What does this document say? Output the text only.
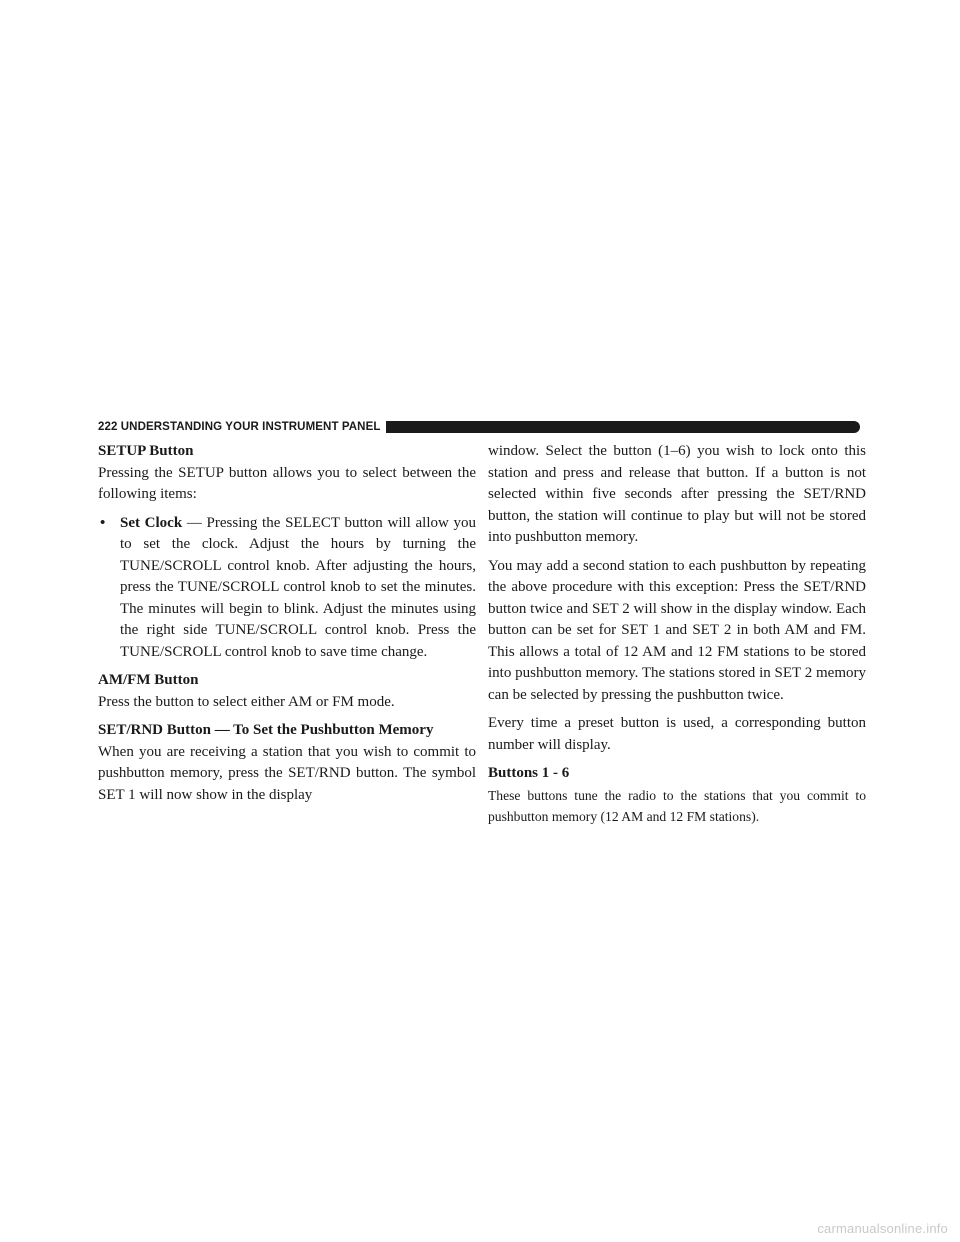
222 UNDERSTANDING YOUR INSTRUMENT PANEL
SETUP Button

Pressing the SETUP button allows you to select between the following items:

• Set Clock — Pressing the SELECT button will allow you to set the clock. Adjust the hours by turning the TUNE/SCROLL control knob. After adjusting the hours, press the TUNE/SCROLL control knob to set the minutes. The minutes will begin to blink. Adjust the minutes using the right side TUNE/SCROLL control knob. Press the TUNE/SCROLL control knob to save time change.
AM/FM Button

Press the button to select either AM or FM mode.

SET/RND Button — To Set the Pushbutton Memory

When you are receiving a station that you wish to commit to pushbutton memory, press the SET/RND button. The symbol SET 1 will now show in the display

window. Select the button (1–6) you wish to lock onto this station and press and release that button. If a button is not selected within five seconds after pressing the SET/RND button, the station will continue to play but will not be stored into pushbutton memory.

You may add a second station to each pushbutton by repeating the above procedure with this exception: Press the SET/RND button twice and SET 2 will show in the display window. Each button can be set for SET 1 and SET 2 in both AM and FM. This allows a total of 12 AM and 12 FM stations to be stored into pushbutton memory. The stations stored in SET 2 memory can be selected by pressing the pushbutton twice.

Every time a preset button is used, a corresponding button number will display.

Buttons 1 - 6

These buttons tune the radio to the stations that you commit to pushbutton memory (12 AM and 12 FM stations).

carmanualsonline.info
